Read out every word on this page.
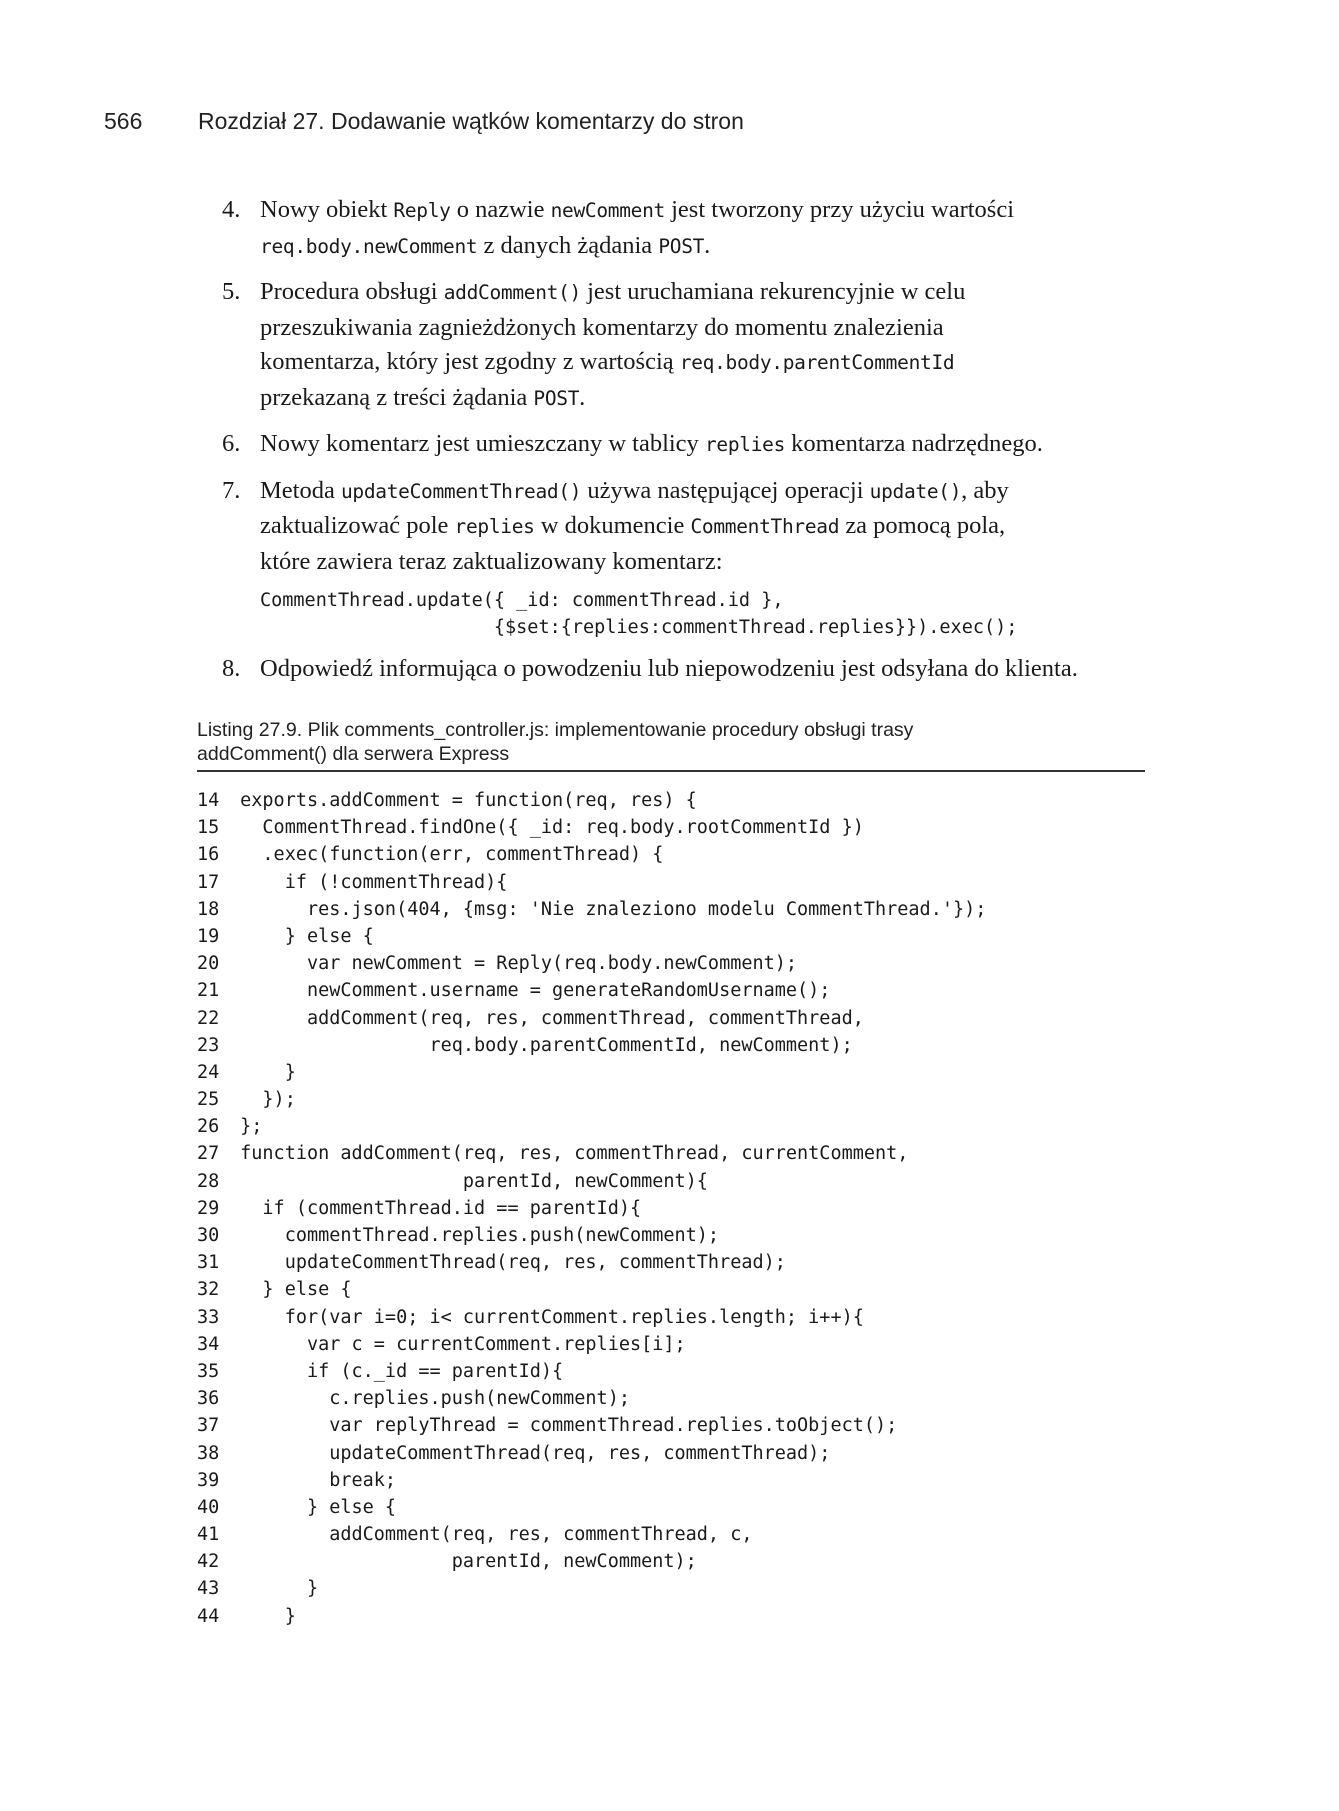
566 Rozdział 27. Dodawanie wątków komentarzy do stron
4. Nowy obiekt Reply o nazwie newComment jest tworzony przy użyciu wartości
req.body.newComment z danych żądania POST.
5. Procedura obsługi addComment() jest uruchamiana rekurencyjnie w celu
przeszukiwania zagnieżdżonych komentarzy do momentu znalezienia
komentarza, który jest zgodny z wartością req.body.parentCommentId
przekazaną z treści żądania POST.
6. Nowy komentarz jest umieszczany w tablicy replies komentarza nadrzędnego.
7. Metoda updateCommentThread() używa następującej operacji update(), aby
zaktualizować pole replies w dokumencie CommentThread za pomocą pola,
które zawiera teraz zaktualizowany komentarz:
CommentThread.update({ _id: commentThread.id },
{$set:{replies:commentThread.replies}}).exec();
8. Odpowiedź informująca o powodzeniu lub niepowodzeniu jest odsyłana do klienta.
Listing 27.9. Plik comments_controller.js: implementowanie procedury obsługi trasy
addComment() dla serwera Express
14 exports.addComment = function(req, res) {
15   CommentThread.findOne({ _id: req.body.rootCommentId })
16   .exec(function(err, commentThread) {
17     if (!commentThread){
18       res.json(404, {msg: 'Nie znaleziono modelu CommentThread.'});
19     } else {
20       var newComment = Reply(req.body.newComment);
21       newComment.username = generateRandomUsername();
22       addComment(req, res, commentThread, commentThread,
23                  req.body.parentCommentId, newComment);
24     }
25   });
26 };
27 function addComment(req, res, commentThread, currentComment,
28                     parentId, newComment){
29   if (commentThread.id == parentId){
30     commentThread.replies.push(newComment);
31     updateCommentThread(req, res, commentThread);
32   } else {
33     for(var i=0; i< currentComment.replies.length; i++){
34       var c = currentComment.replies[i];
35       if (c._id == parentId){
36         c.replies.push(newComment);
37         var replyThread = commentThread.replies.toObject();
38         updateCommentThread(req, res, commentThread);
39         break;
40       } else {
41         addComment(req, res, commentThread, c,
42                    parentId, newComment);
43       }
44     }
